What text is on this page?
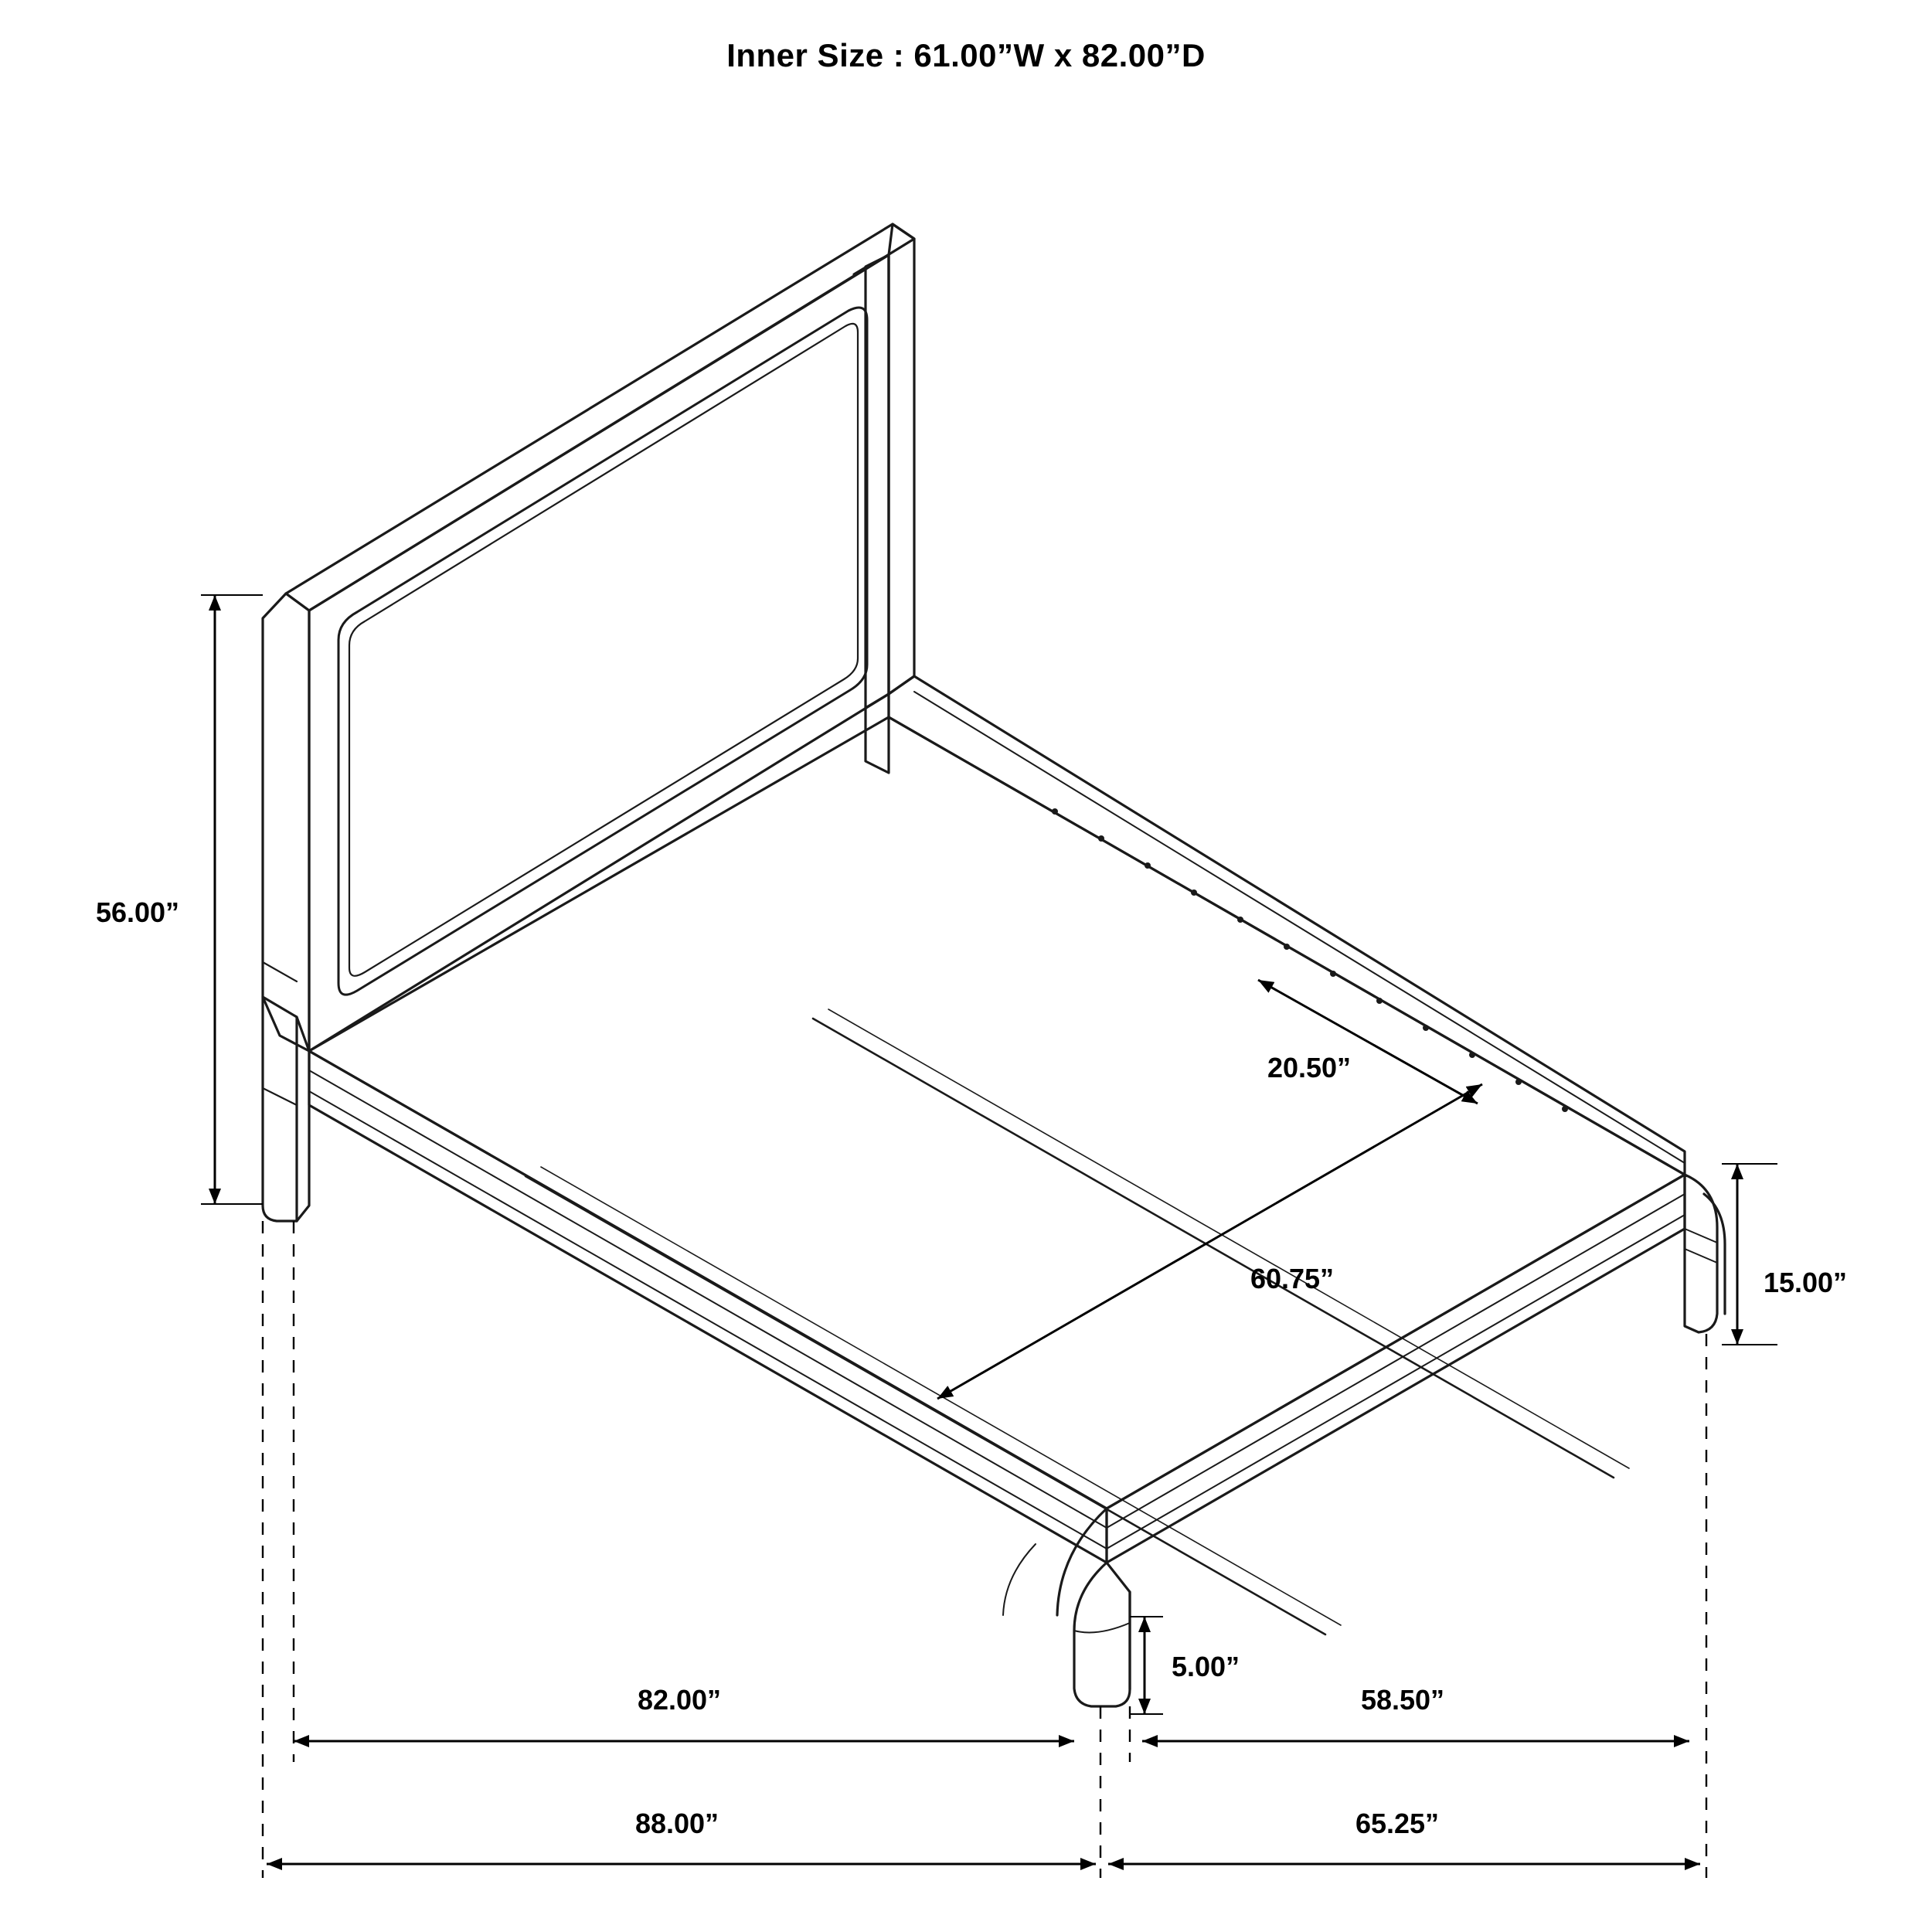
Inner Size : 61.00”W x 82.00”D
56.00”
20.50”
60.75”	15.00”
5.00”
82.00”	58.50”
88.00”	65.25”
